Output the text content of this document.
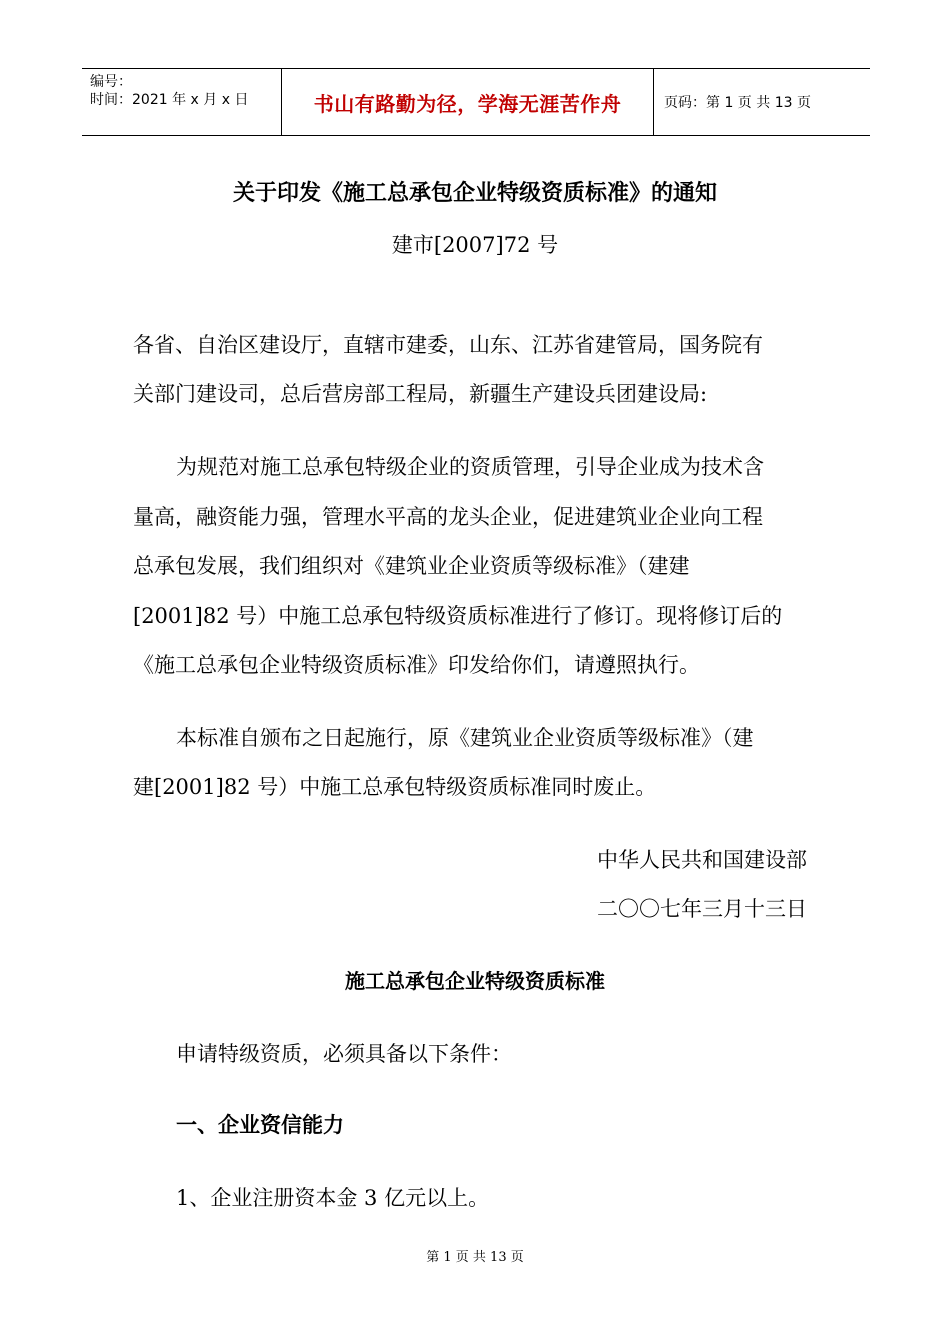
编号：
时间：2021 年 x 月 x 日	书山有路勤为径，学海无涯苦作舟	页码：第 1 页 共 13 页
关于印发《施工总承包企业特级资质标准》的通知
建市[2007]72 号
各省、自治区建设厅，直辖市建委，山东、江苏省建管局，国务院有
关部门建设司，总后营房部工程局，新疆生产建设兵团建设局:
为规范对施工总承包特级企业的资质管理，引导企业成为技术含
量高，融资能力强，管理水平高的龙头企业，促进建筑业企业向工程
总承包发展，我们组织对《建筑业企业资质等级标准》（建建
[2001]82 号）中施工总承包特级资质标准进行了修订。现将修订后的
《施工总承包企业特级资质标准》印发给你们，请遵照执行。
本标准自颁布之日起施行，原《建筑业企业资质等级标准》（建
建[2001]82 号）中施工总承包特级资质标准同时废止。
中华人民共和国建设部
二〇〇七年三月十三日
施工总承包企业特级资质标准
申请特级资质，必须具备以下条件：
一、企业资信能力
1、企业注册资本金 3 亿元以上。
第 1 页 共 13 页
